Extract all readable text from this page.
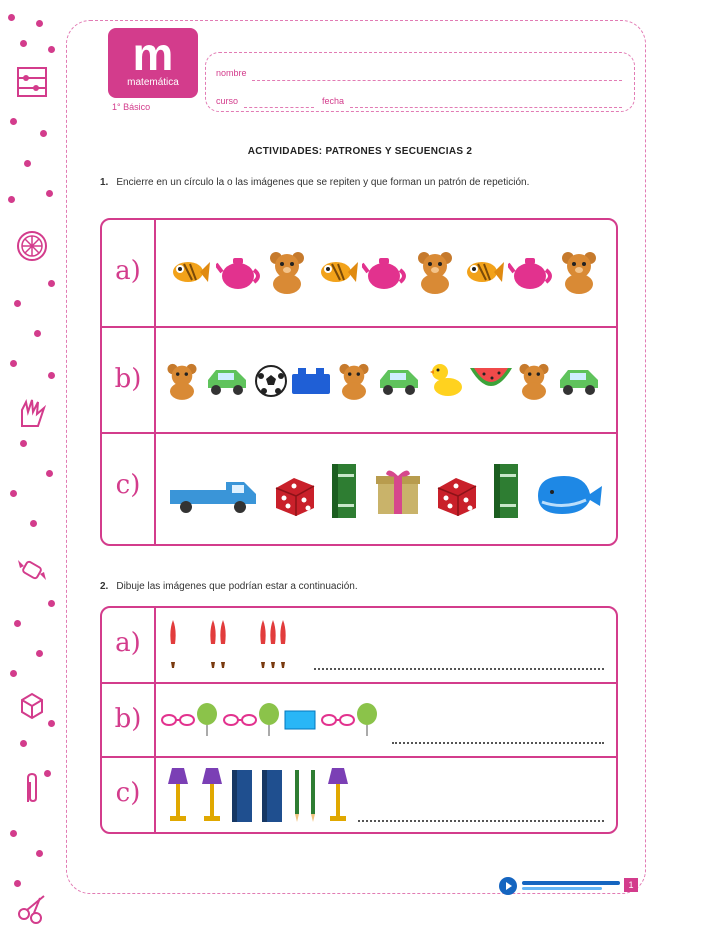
m
matemática
1° Básico
nombre
curso	fecha
ACTIVIDADES: PATRONES Y SECUENCIAS 2
1. Encierre en un círculo la o las imágenes que se repiten y que forman un patrón de repetición.
a)
b)
c)
2. Dibuje las imágenes que podrían estar a continuación.
a)
b)
c)
1
